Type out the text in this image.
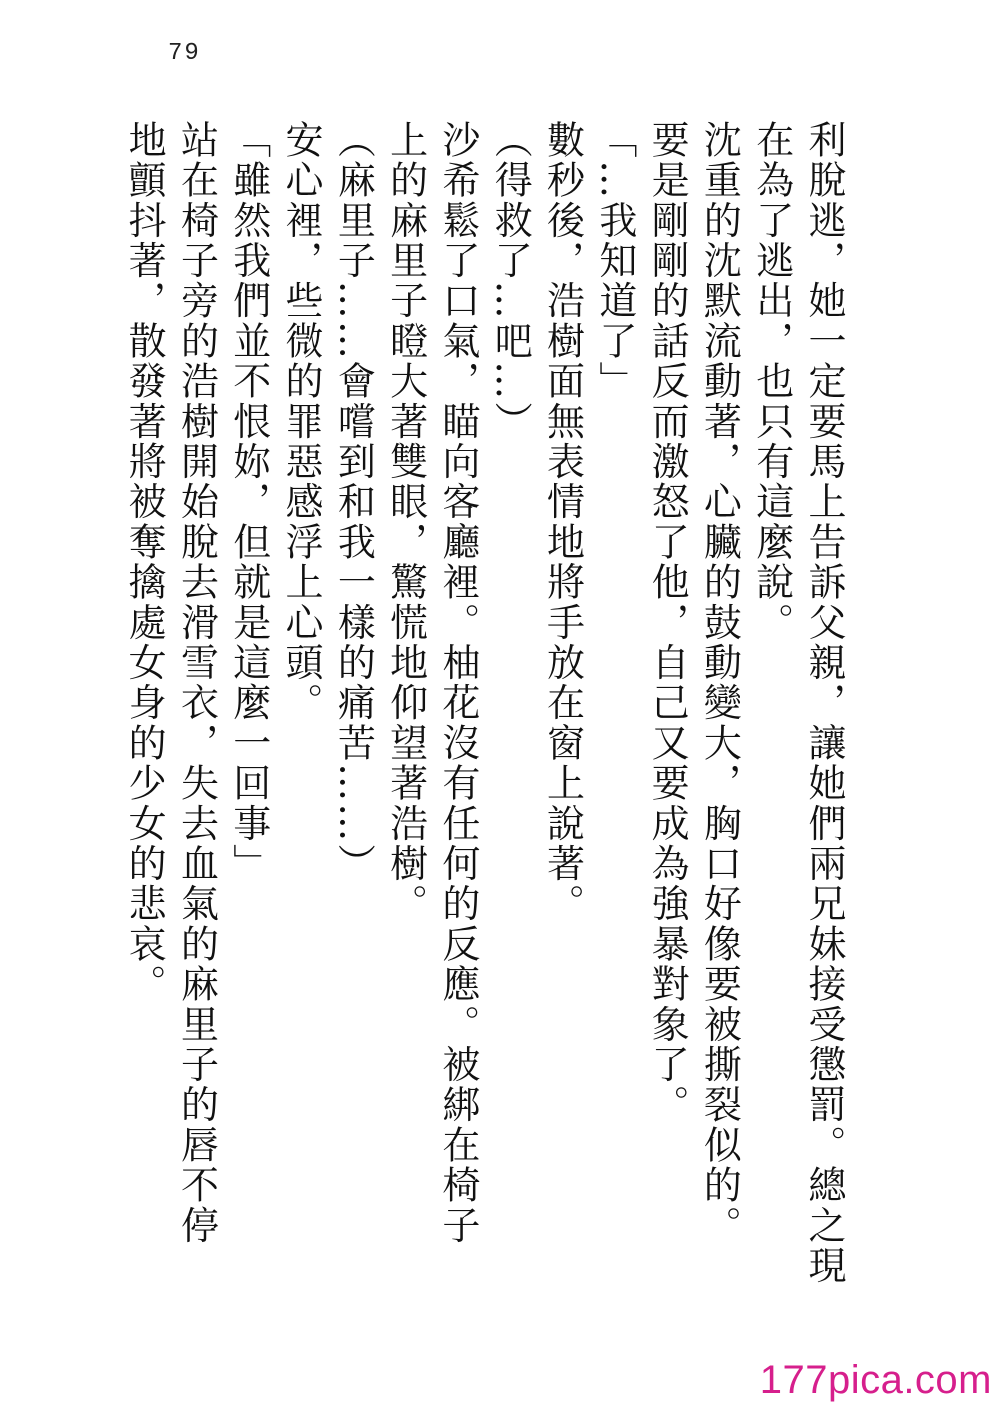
79
利脫逃，她一定要馬上告訴父親，讓她們兩兄妹接受懲罰。總之現
在為了逃出，也只有這麼說。
沈重的沈默流動著，心臟的鼓動變大，胸口好像要被撕裂似的。
要是剛剛的話反而激怒了他，自己又要成為強暴對象了。
「…我知道了」
數秒後，浩樹面無表情地將手放在窗上說著。
（得救了…吧…）
沙希鬆了口氣，瞄向客廳裡。柚花沒有任何的反應。被綁在椅子
上的麻里子瞪大著雙眼，驚慌地仰望著浩樹。
（麻里子……會嚐到和我一樣的痛苦……）
安心裡，些微的罪惡感浮上心頭。
「雖然我們並不恨妳，但就是這麼一回事」
站在椅子旁的浩樹開始脫去滑雪衣，失去血氣的麻里子的唇不停
地顫抖著，散發著將被奪擒處女身的少女的悲哀。
177pica.com
